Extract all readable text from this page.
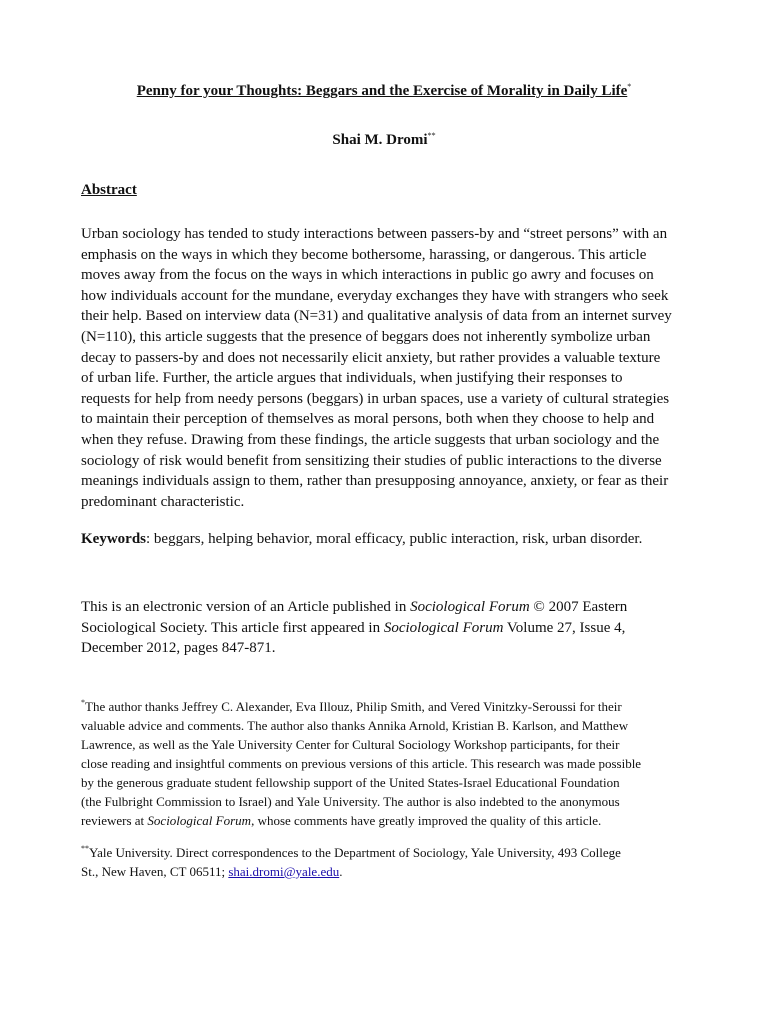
Penny for your Thoughts: Beggars and the Exercise of Morality in Daily Life*
Shai M. Dromi**
Abstract
Urban sociology has tended to study interactions between passers-by and “street persons” with an
emphasis on the ways in which they become bothersome, harassing, or dangerous. This article
moves away from the focus on the ways in which interactions in public go awry and focuses on
how individuals account for the mundane, everyday exchanges they have with strangers who seek
their help. Based on interview data (N=31) and qualitative analysis of data from an internet survey
(N=110), this article suggests that the presence of beggars does not inherently symbolize urban
decay to passers-by and does not necessarily elicit anxiety, but rather provides a valuable texture
of urban life. Further, the article argues that individuals, when justifying their responses to
requests for help from needy persons (beggars) in urban spaces, use a variety of cultural strategies
to maintain their perception of themselves as moral persons, both when they choose to help and
when they refuse. Drawing from these findings, the article suggests that urban sociology and the
sociology of risk would benefit from sensitizing their studies of public interactions to the diverse
meanings individuals assign to them, rather than presupposing annoyance, anxiety, or fear as their
predominant characteristic.
Keywords: beggars, helping behavior, moral efficacy, public interaction, risk, urban disorder.
This is an electronic version of an Article published in Sociological Forum © 2007 Eastern
Sociological Society. This article first appeared in Sociological Forum Volume 27, Issue 4,
December 2012, pages 847-871.
*The author thanks Jeffrey C. Alexander, Eva Illouz, Philip Smith, and Vered Vinitzky-Seroussi for their
valuable advice and comments. The author also thanks Annika Arnold, Kristian B. Karlson, and Matthew
Lawrence, as well as the Yale University Center for Cultural Sociology Workshop participants, for their
close reading and insightful comments on previous versions of this article. This research was made possible
by the generous graduate student fellowship support of the United States-Israel Educational Foundation
(the Fulbright Commission to Israel) and Yale University. The author is also indebted to the anonymous
reviewers at Sociological Forum, whose comments have greatly improved the quality of this article.
**Yale University. Direct correspondences to the Department of Sociology, Yale University, 493 College
St., New Haven, CT 06511; shai.dromi@yale.edu.
